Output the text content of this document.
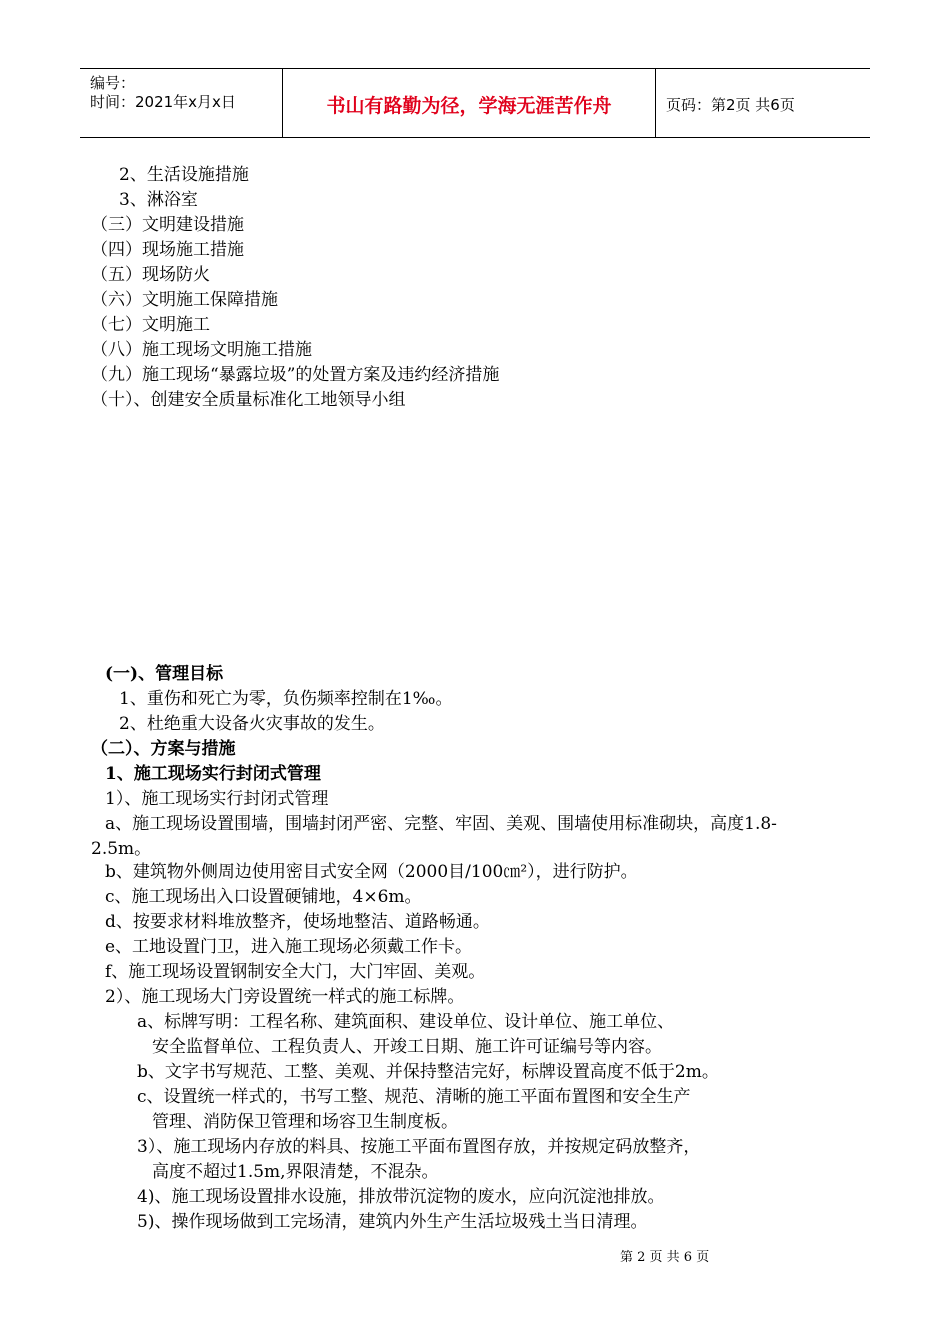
编号：
时间：2021年x月x日	书山有路勤为径，学海无涯苦作舟	页码：第2页 共6页
2、生活设施措施
3、淋浴室
（三）文明建设措施
（四）现场施工措施
（五）现场防火
（六）文明施工保障措施
（七）文明施工
（八）施工现场文明施工措施
（九）施工现场“暴露垃圾”的处置方案及违约经济措施
（十）、创建安全质量标准化工地领导小组
(一)、管理目标
1、重伤和死亡为零，负伤频率控制在1‰。
2、杜绝重大设备火灾事故的发生。
（二）、方案与措施
1、施工现场实行封闭式管理
1）、施工现场实行封闭式管理
a、施工现场设置围墙，围墙封闭严密、完整、牢固、美观、围墙使用标准砌块，高度1.8-
2.5m。
b、建筑物外侧周边使用密目式安全网（2000目/100㎝²），进行防护。
c、施工现场出入口设置硬铺地，4×6m。
d、按要求材料堆放整齐，使场地整洁、道路畅通。
e、工地设置门卫，进入施工现场必须戴工作卡。
f、施工现场设置钢制安全大门，大门牢固、美观。
2）、施工现场大门旁设置统一样式的施工标牌。
a、标牌写明：工程名称、建筑面积、建设单位、设计单位、施工单位、
安全监督单位、工程负责人、开竣工日期、施工许可证编号等内容。
b、文字书写规范、工整、美观、并保持整洁完好，标牌设置高度不低于2m。
c、设置统一样式的，书写工整、规范、清晰的施工平面布置图和安全生产
管理、消防保卫管理和场容卫生制度板。
3）、施工现场内存放的料具、按施工平面布置图存放，并按规定码放整齐，
高度不超过1.5m,界限清楚，不混杂。
4)、施工现场设置排水设施，排放带沉淀物的废水，应向沉淀池排放。
5)、操作现场做到工完场清，建筑内外生产生活垃圾残土当日清理。
第 2 页 共 6 页
